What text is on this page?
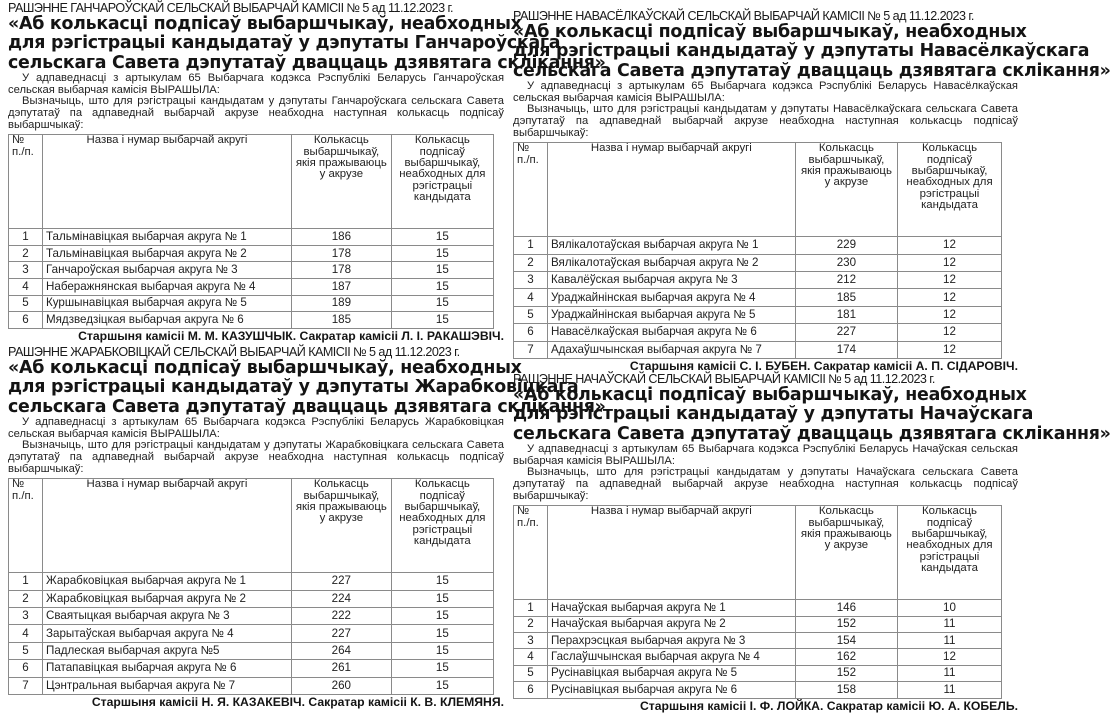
РАШЭННЕ ГАНЧАРОЎСКАЙ СЕЛЬСКАЙ ВЫБАРЧАЙ КАМІСІІ № 5 ад 11.12.2023 г.
«Аб колькасці подпісаў выбаршчыкаў, неабходных
для рэгістрацыі кандыдатаў у дэпутаты Ганчароўскага
сельскага Савета дэпутатаў дваццаць дзявятага склікання»
У адпаведнасці з артыкулам 65 Выбарчага кодэкса Рэспублікі Беларусь Ганчароўская сельская выбарчая камісія ВЫРАШЫЛА:
Вызначыць, што для рэгістрацыі кандыдатам у дэпутаты Ганчароўскага сельскага Савета дэпутатаў па адпаведнай выбарчай акрузе неабходна наступная колькасць подпісаў выбаршчыкаў:
№ п./п.	Назва і нумар выбарчай акругі	Колькасць выбаршчыкаў, якія пражываюць у акрузе	Колькасць подпісаў выбаршчыкаў, неабходных для рэгістрацыі кандыдата
1	Тальмінавіцкая выбарчая акруга № 1	186	15
2	Тальмінавіцкая выбарчая акруга № 2	178	15
3	Ганчароўская выбарчая акруга № 3	178	15
4	Наберажнянская выбарчая акруга № 4	187	15
5	Куршынавіцкая выбарчая акруга № 5	189	15
6	Мядзведзіцкая выбарчая акруга № 6	185	15
Старшыня камісіі М. М. КАЗУШЧЫК. Сакратар камісіі Л. І. РАКАШЭВІЧ.
РАШЭННЕ ЖАРАБКОВІЦКАЙ СЕЛЬСКАЙ ВЫБАРЧАЙ КАМІСІІ № 5 ад 11.12.2023 г.
«Аб колькасці подпісаў выбаршчыкаў, неабходных
для рэгістрацыі кандыдатаў у дэпутаты Жарабковіцкага
сельскага Савета дэпутатаў дваццаць дзявятага склікання»
У адпаведнасці з артыкулам 65 Выбарчага кодэкса Рэспублікі Беларусь Жарабковіцкая сельская выбарчая камісія ВЫРАШЫЛА:
Вызначыць, што для рэгістрацыі кандыдатам у дэпутаты Жарабковіцкага сельскага Савета дэпутатаў па адпаведнай выбарчай акрузе неабходна наступная колькасць подпісаў выбаршчыкаў:
№ п./п.	Назва і нумар выбарчай акругі	Колькасць выбаршчыкаў, якія пражываюць у акрузе	Колькасць подпісаў выбаршчыкаў, неабходных для рэгістрацыі кандыдата
1	Жарабковіцкая выбарчая акруга № 1	227	15
2	Жарабковіцкая выбарчая акруга № 2	224	15
3	Сваятыцкая выбарчая акруга № 3	222	15
4	Зарытаўская выбарчая акруга № 4	227	15
5	Падлеская выбарчая акруга №5	264	15
6	Патапавіцкая выбарчая акруга № 6	261	15
7	Цэнтральная выбарчая акруга № 7	260	15
Старшыня камісіі Н. Я. КАЗАКЕВІЧ. Сакратар камісіі К. В. КЛЕМЯНЯ.
РАШЭННЕ НАВАСЁЛКАЎСКАЙ СЕЛЬСКАЙ ВЫБАРЧАЙ КАМІСІІ № 5 ад 11.12.2023 г.
«Аб колькасці подпісаў выбаршчыкаў, неабходных
для рэгістрацыі кандыдатаў у дэпутаты Навасёлкаўскага
сельскага Савета дэпутатаў дваццаць дзявятага склікання»
У адпаведнасці з артыкулам 65 Выбарчага кодэкса Рэспублікі Беларусь Навасёлкаўская сельская выбарчая камісія ВЫРАШЫЛА:
Вызначыць, што для рэгістрацыі кандыдатам у дэпутаты Навасёлкаўскага сельскага Савета дэпутатаў па адпаведнай выбарчай акрузе неабходна наступная колькасць подпісаў выбаршчыкаў:
№ п./п.	Назва і нумар выбарчай акругі	Колькасць выбаршчыкаў, якія пражываюць у акрузе	Колькасць подпісаў выбаршчыкаў, неабходных для рэгістрацыі кандыдата
1	Вялікалотаўская выбарчая акруга № 1	229	12
2	Вялікалотаўская выбарчая акруга № 2	230	12
3	Кавалёўская выбарчая акруга № 3	212	12
4	Ураджайнінская выбарчая акруга № 4	185	12
5	Ураджайнінская выбарчая акруга № 5	181	12
6	Навасёлкаўская выбарчая акруга № 6	227	12
7	Адахаўшчынская выбарчая акруга № 7	174	12
Старшыня камісіі С. І. БУБЕН. Сакратар камісіі А. П. СІДАРОВІЧ.
РАШЭННЕ НАЧАЎСКАЙ СЕЛЬСКАЙ ВЫБАРЧАЙ КАМІСІІ № 5 ад 11.12.2023 г.
«Аб колькасці подпісаў выбаршчыкаў, неабходных
для рэгістрацыі кандыдатаў у дэпутаты Начаўскага
сельскага Савета дэпутатаў дваццаць дзявятага склікання»
У адпаведнасці з артыкулам 65 Выбарчага кодэкса Рэспублікі Беларусь Начаўская сельская выбарчая камісія ВЫРАШЫЛА:
Вызначыць, што для рэгістрацыі кандыдатам у дэпутаты Начаўскага сельскага Савета дэпутатаў па адпаведнай выбарчай акрузе неабходна наступная колькасць подпісаў выбаршчыкаў:
№ п./п.	Назва і нумар выбарчай акругі	Колькасць выбаршчыкаў, якія пражываюць у акрузе	Колькасць подпісаў выбаршчыкаў, неабходных для рэгістрацыі кандыдата
1	Начаўская выбарчая акруга № 1	146	10
2	Начаўская выбарчая акруга № 2	152	11
3	Перахрэсцкая выбарчая акруга № 3	154	11
4	Гаслаўшчынская выбарчая акруга № 4	162	12
5	Русінавіцкая выбарчая акруга № 5	152	11
6	Русінавіцкая выбарчая акруга № 6	158	11
Старшыня камісіі І. Ф. ЛОЙКА. Сакратар камісіі Ю. А. КОБЕЛЬ.
